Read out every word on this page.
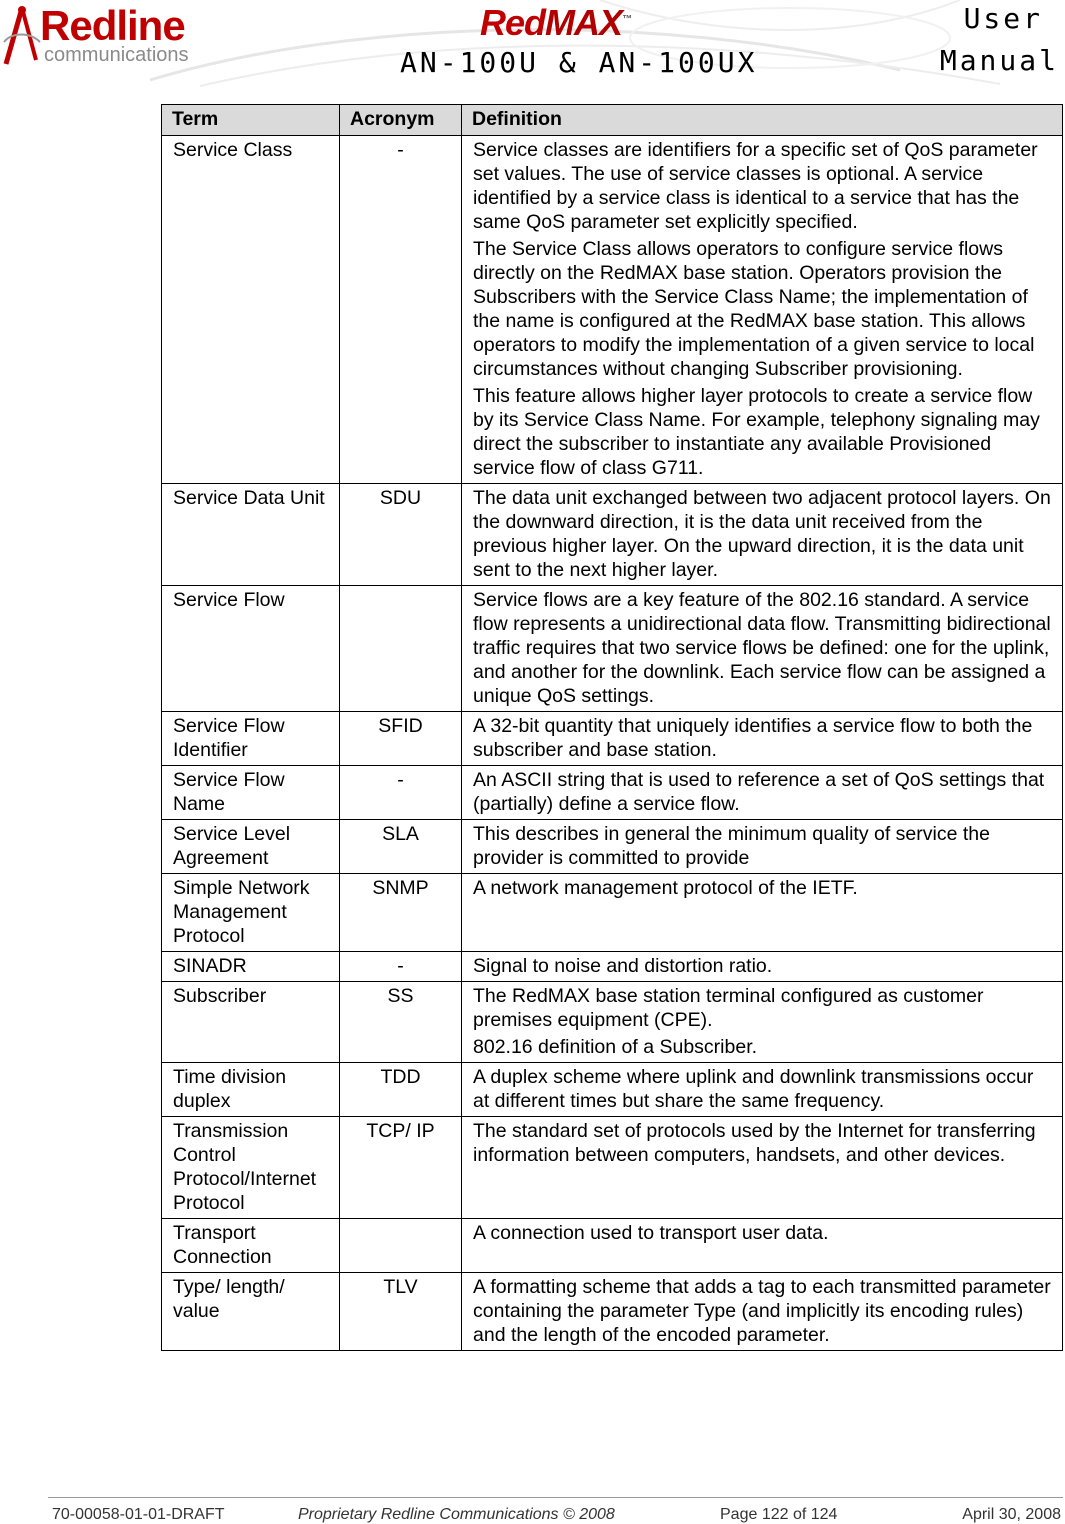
Redline
communications
RedMAX™
AN-100U & AN-100UX
User
Manual
Term	Acronym	Definition
Service Class	-	Service classes are identifiers for a specific set of QoS parameter set values. The use of service classes is optional. A service identified by a service class is identical to a service that has the same QoS parameter set explicitly specified.

The Service Class allows operators to configure service flows directly on the RedMAX base station. Operators provision the Subscribers with the Service Class Name; the implementation of the name is configured at the RedMAX base station. This allows operators to modify the implementation of a given service to local circumstances without changing Subscriber provisioning.

This feature allows higher layer protocols to create a service flow by its Service Class Name. For example, telephony signaling may direct the subscriber to instantiate any available Provisioned service flow of class G711.

Service Data Unit	SDU	The data unit exchanged between two adjacent protocol layers. On the downward direction, it is the data unit received from the previous higher layer. On the upward direction, it is the data unit sent to the next higher layer.

Service Flow		Service flows are a key feature of the 802.16 standard. A service flow represents a unidirectional data flow. Transmitting bidirectional traffic requires that two service flows be defined: one for the uplink, and another for the downlink. Each service flow can be assigned a unique QoS settings.

Service Flow Identifier	SFID	A 32-bit quantity that uniquely identifies a service flow to both the subscriber and base station.

Service Flow Name	-	An ASCII string that is used to reference a set of QoS settings that (partially) define a service flow.

Service Level Agreement	SLA	This describes in general the minimum quality of service the provider is committed to provide

Simple Network Management Protocol	SNMP	A network management protocol of the IETF.

SINADR	-	Signal to noise and distortion ratio.

Subscriber	SS	The RedMAX base station terminal configured as customer premises equipment (CPE).

802.16 definition of a Subscriber.

Time division duplex	TDD	A duplex scheme where uplink and downlink transmissions occur at different times but share the same frequency.

Transmission Control Protocol/Internet Protocol	TCP/ IP	The standard set of protocols used by the Internet for transferring information between computers, handsets, and other devices.

Transport Connection		A connection used to transport user data.

Type/ length/ value	TLV	A formatting scheme that adds a tag to each transmitted parameter containing the parameter Type (and implicitly its encoding rules) and the length of the encoded parameter.

70-00058-01-01-DRAFT	Proprietary Redline Communications © 2008	Page 122 of 124	April 30, 2008
